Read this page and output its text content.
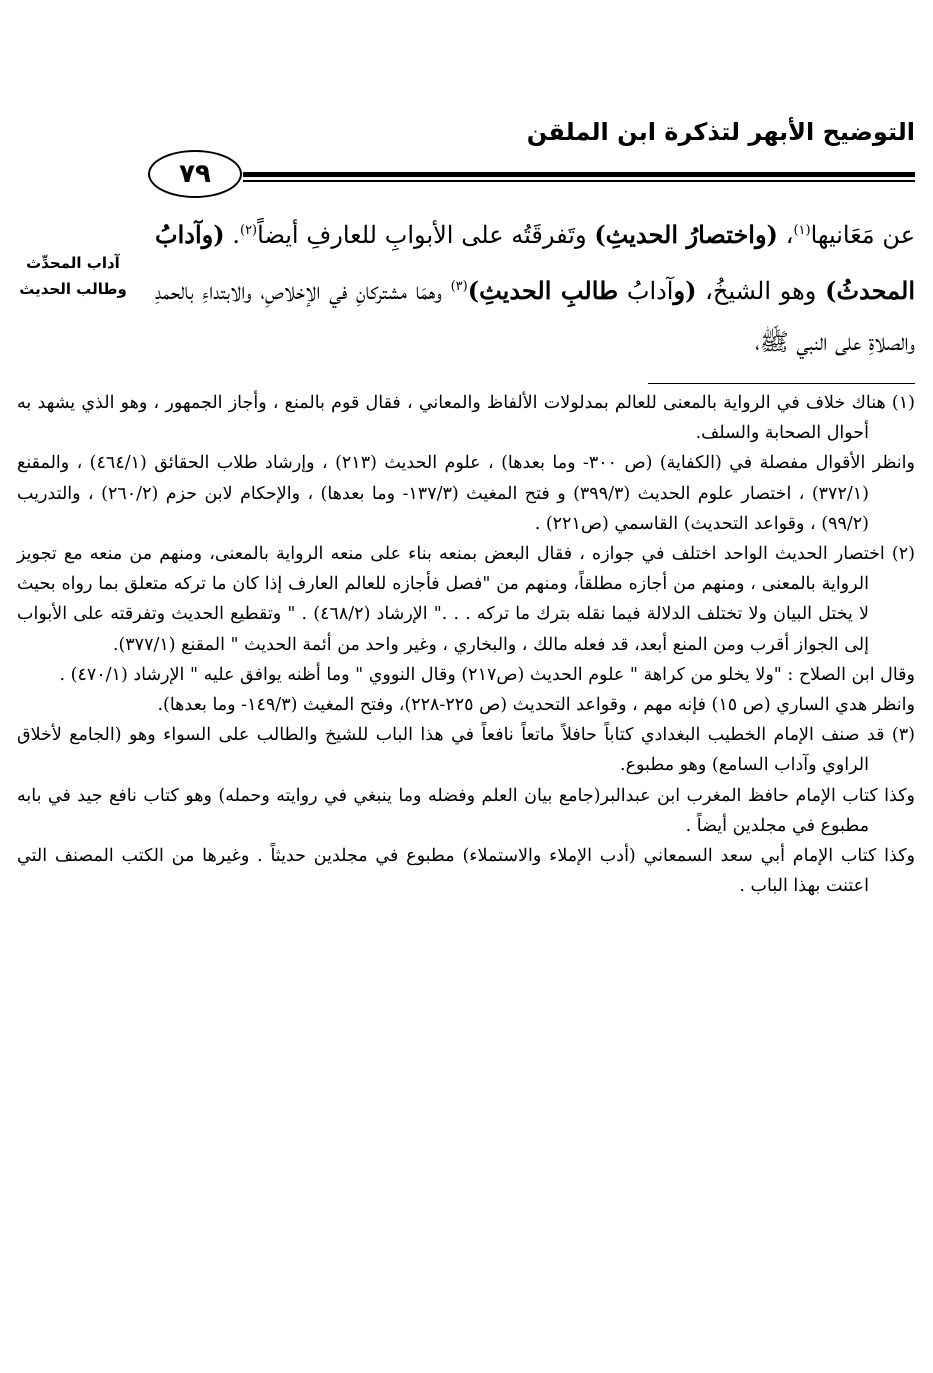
التوضيح الأبهر لتذكرة ابن الملقن
٧٩
آداب المحدِّث
وطالب الحديث

عن مَعَانيها$^{(١)}$، (واختصارُ الحديثِ) وتَفرقَتُه على الأبوابِ للعارفِ أيضاً$^{(٢)}$. (وآدابُ المحدثُ) وهو الشيخُ، (وآدابُ طالبِ الحديثِ)$^{(٣)}$ وهمَا مشتركانِ في الإخلاصِ، والابتداءِ بالحمدِ والصلاةِ على النبي ﷺ،

(١) هناك خلاف في الرواية بالمعنى للعالم بمدلولات الألفاظ والمعاني ، فقال قوم بالمنع ، وأجاز الجمهور ، وهو الذي يشهد به أحوال الصحابة والسلف.

وانظر الأقوال مفصلة في (الكفاية) (ص ٣٠٠- وما بعدها) ، علوم الحديث (٢١٣) ، وإرشاد طلاب الحقائق (٤٦٤/١) ، والمقنع (٣٧٢/١) ، اختصار علوم الحديث (٣٩٩/٣) و فتح المغيث (١٣٧/٣- وما بعدها) ، والإحكام لابن حزم (٢٦٠/٢) ، والتدريب (٩٩/٢) ، وقواعد التحديث) القاسمي (ص٢٢١) .

(٢) اختصار الحديث الواحد اختلف في جوازه ، فقال البعض بمنعه بناء على منعه الرواية بالمعنى، ومنهم من منعه مع تجويز الرواية بالمعنى ، ومنهم من أجازه مطلقاً، ومنهم من "فصل فأجازه للعالم العارف إذا كان ما تركه متعلق بما رواه بحيث لا يختل البيان ولا تختلف الدلالة فيما نقله بترك ما تركه . . ." الإرشاد (٤٦٨/٢) . " وتقطيع الحديث وتفرقته على الأبواب إلى الجواز أقرب ومن المنع أبعد، قد فعله مالك ، والبخاري ، وغير واحد من أئمة الحديث " المقنع (٣٧٧/١).

وقال ابن الصلاح : "ولا يخلو من كراهة " علوم الحديث (ص٢١٧) وقال النووي " وما أظنه يوافق عليه " الإرشاد (٤٧٠/١) .

وانظر هدي الساري (ص ١٥) فإنه مهم ، وقواعد التحديث (ص ٢٢٥-٢٢٨)، وفتح المغيث (١٤٩/٣- وما بعدها).

(٣) قد صنف الإمام الخطيب البغدادي كتاباً حافلاً ماتعاً نافعاً في هذا الباب للشيخ والطالب على السواء وهو (الجامع لأخلاق الراوي وآداب السامع) وهو مطبوع.

وكذا كتاب الإمام حافظ المغرب ابن عبدالبر(جامع بيان العلم وفضله وما ينبغي في روايته وحمله) وهو كتاب نافع جيد في بابه مطبوع في مجلدين أيضاً .

وكذا كتاب الإمام أبي سعد السمعاني (أدب الإملاء والاستملاء) مطبوع في مجلدين حديثاً . وغيرها من الكتب المصنف التي اعتنت بهذا الباب .
